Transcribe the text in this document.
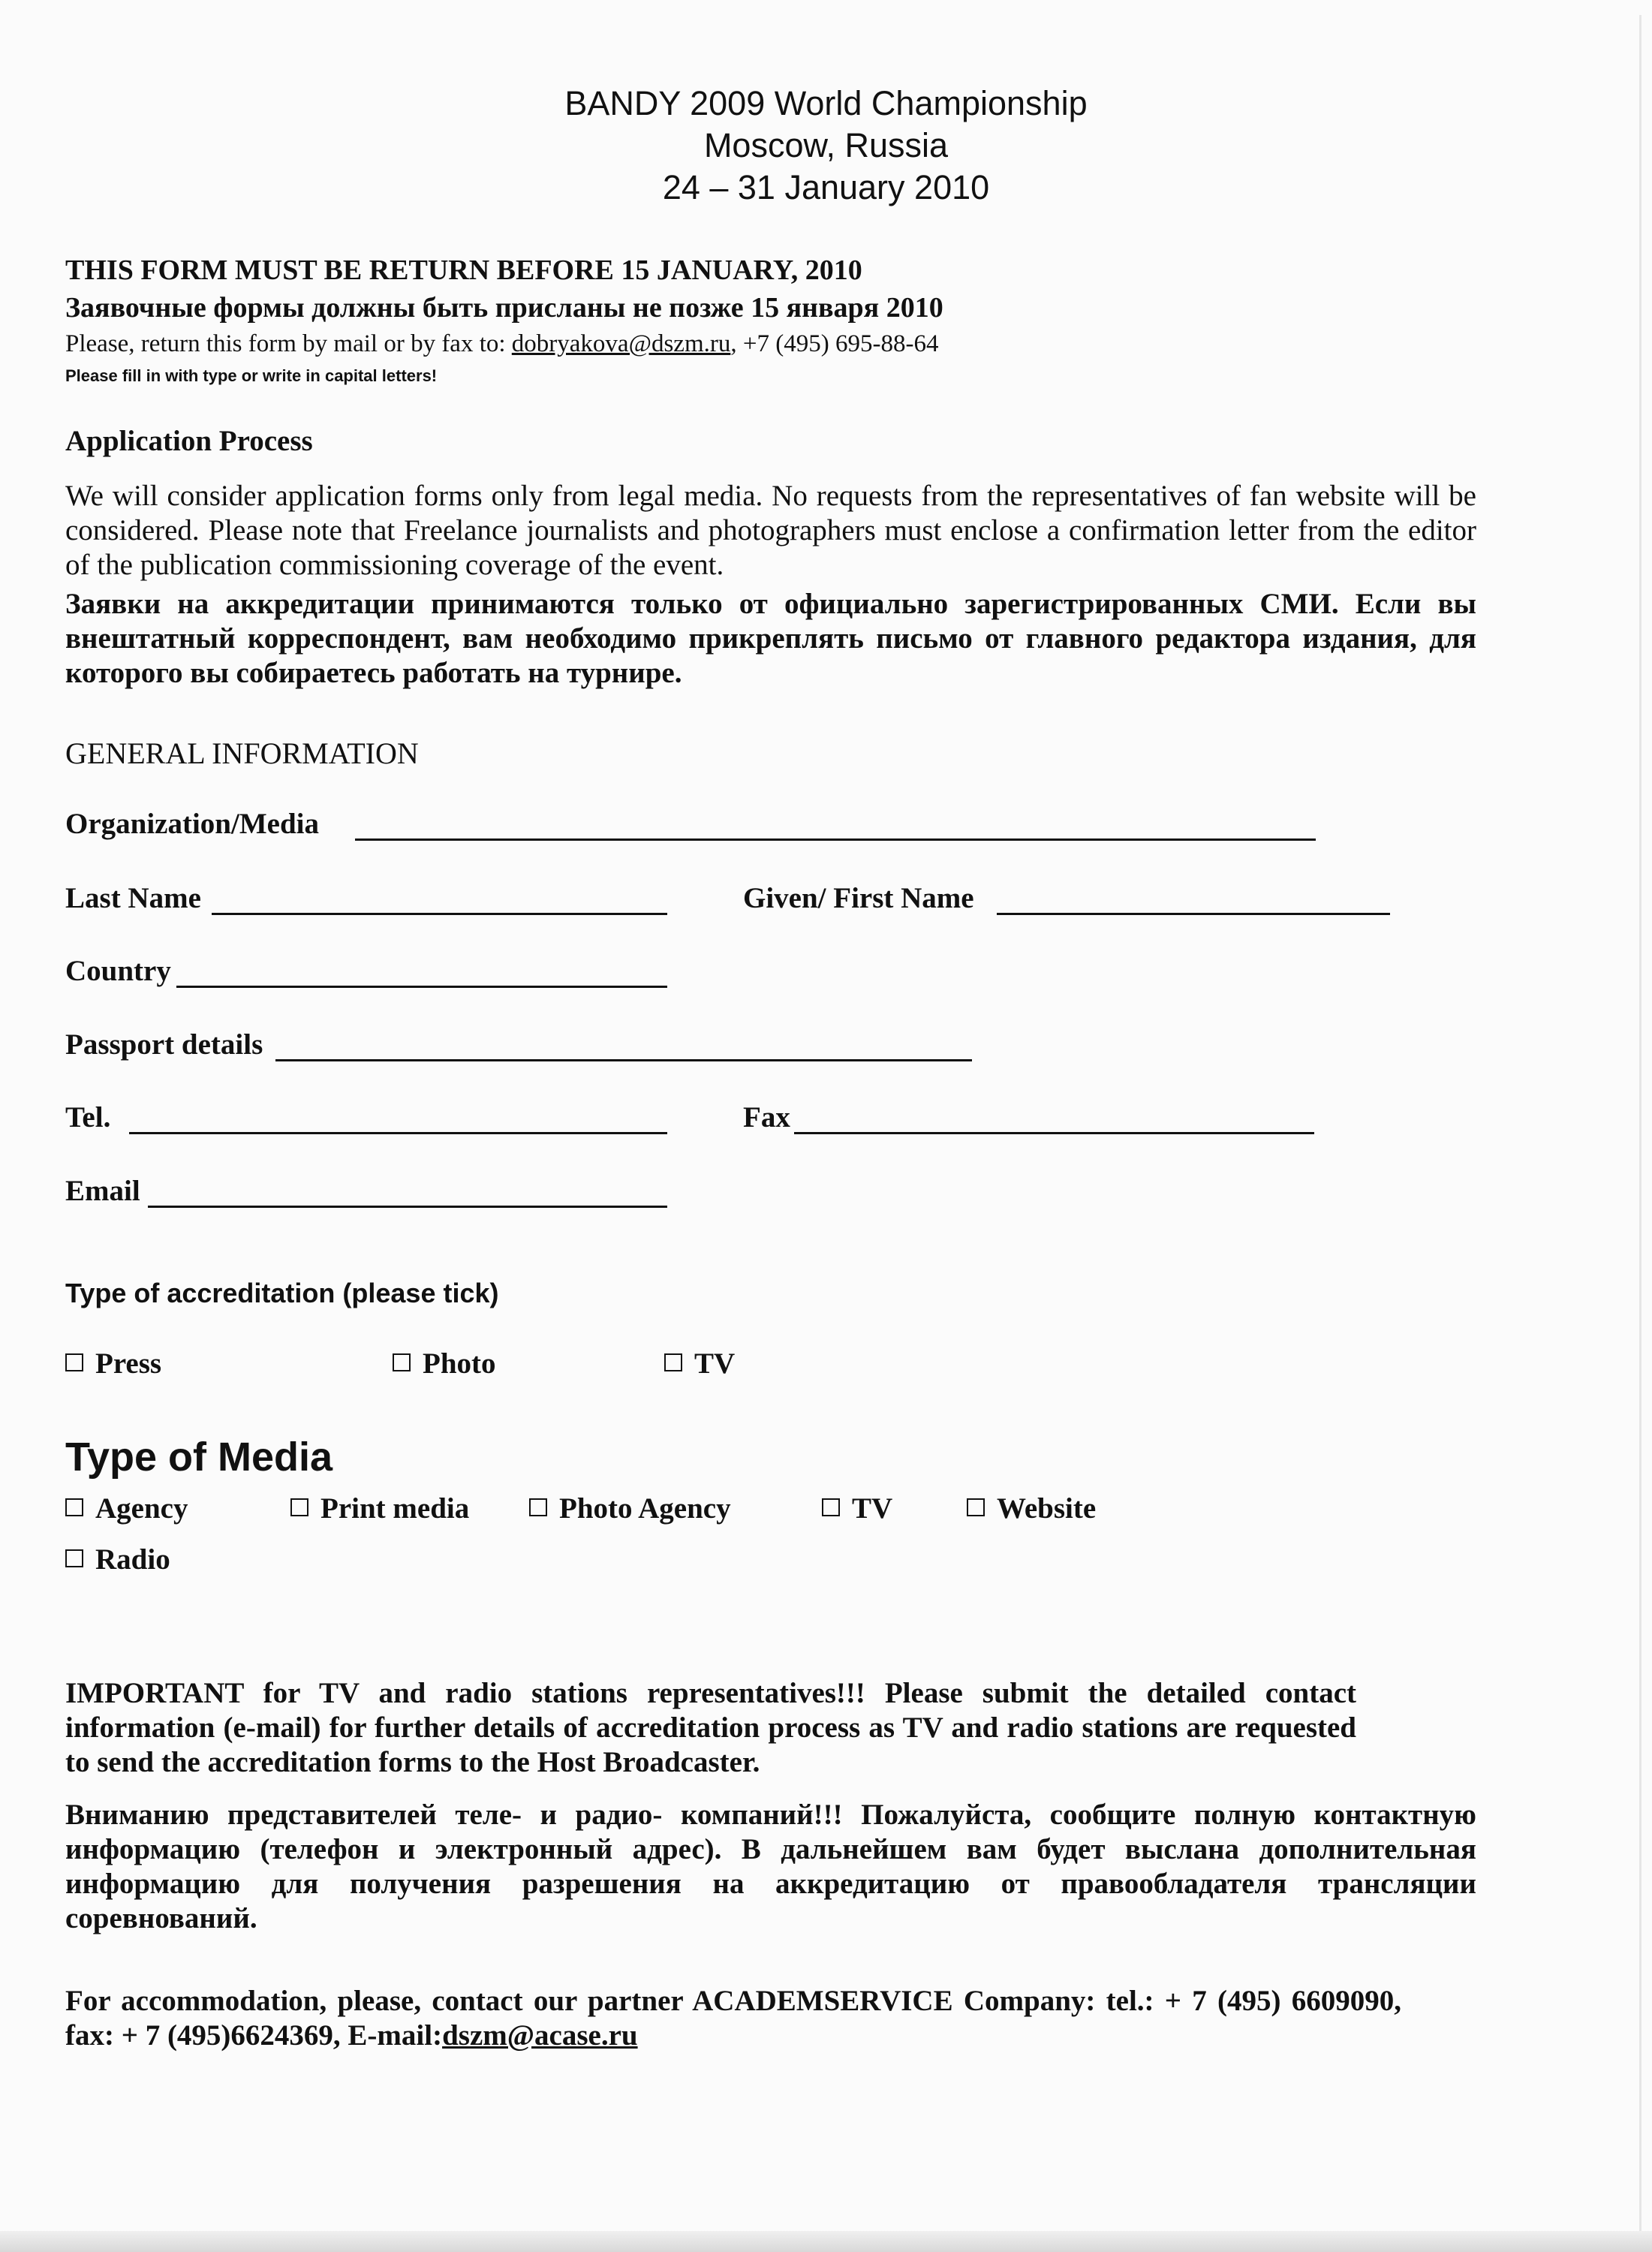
BANDY 2009 World Championship
Moscow, Russia
24 – 31 January 2010
THIS FORM MUST BE RETURN BEFORE 15 JANUARY, 2010
Заявочные формы должны быть присланы не позже 15 января 2010
Please, return this form by mail or by fax to: dobryakova@dszm.ru, +7 (495) 695-88-64
Please fill in with type or write in capital letters!
Application Process
We will consider application forms only from legal media. No requests from the representatives of fan website will be considered. Please note that Freelance journalists and photographers must enclose a confirmation letter from the editor of the publication commissioning coverage of the event.
Заявки на аккредитации принимаются только от официально зарегистрированных СМИ. Если вы внештатный корреспондент, вам необходимо прикреплять письмо от главного редактора издания, для которого вы собираетесь работать на турнире.
GENERAL INFORMATION
Organization/Media
Last Name	Given/ First Name
Country
Passport details
Tel.	Fax
Email
Type of accreditation (please tick)
Press	Photo	TV
Type of Media
Agency	Print media	Photo Agency	TV	Website
Radio
IMPORTANT for TV and radio stations representatives!!! Please submit the detailed contact information (e-mail) for further details of accreditation process as TV and radio stations are requested to send the accreditation forms to the Host Broadcaster.
Вниманию представителей теле- и радио- компаний!!! Пожалуйста, сообщите полную контактную информацию (телефон и электронный адрес). В дальнейшем вам будет выслана дополнительная информацию для получения разрешения на аккредитацию от правообладателя трансляции соревнований.
For accommodation, please, contact our partner ACADEMSERVICE Company: tel.: + 7 (495) 6609090, fax: + 7 (495)6624369, E-mail:dszm@acase.ru
